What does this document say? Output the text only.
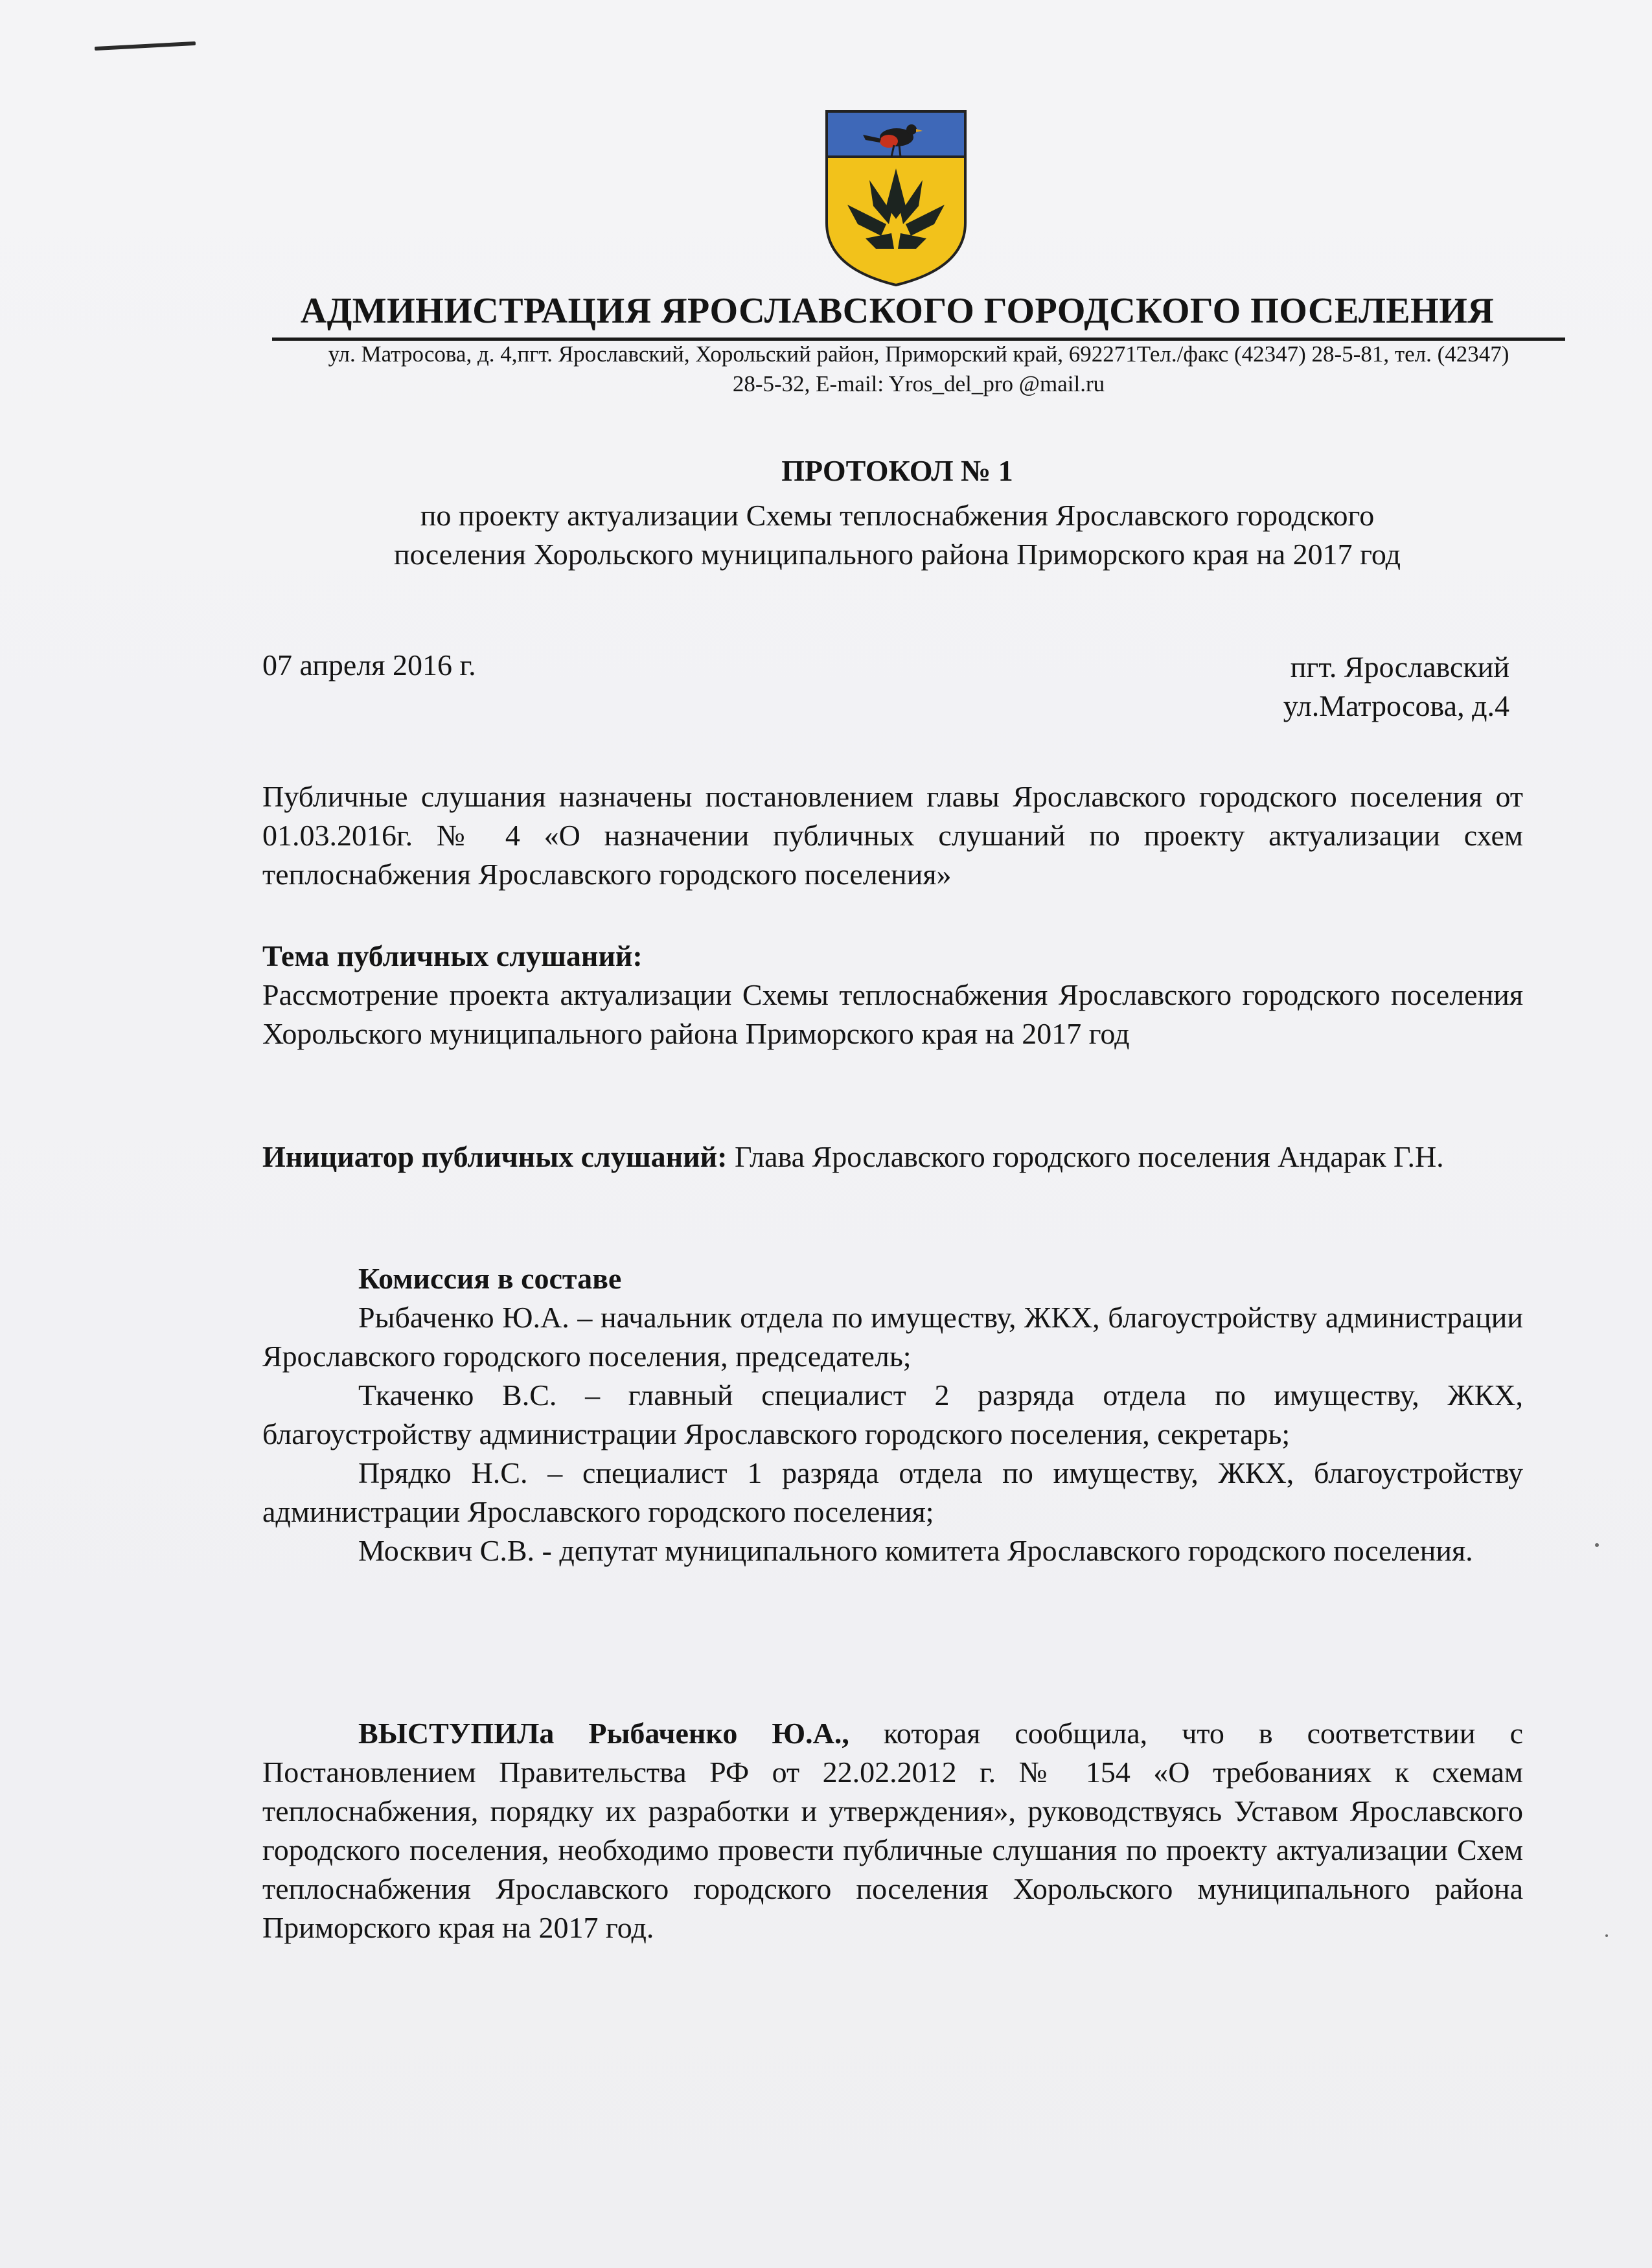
АДМИНИСТРАЦИЯ ЯРОСЛАВСКОГО ГОРОДСКОГО ПОСЕЛЕНИЯ
ул. Матросова, д. 4,пгт. Ярославский, Хорольский район, Приморский край, 692271Тел./факс (42347) 28-5-81, тел. (42347)
28-5-32, E-mail: Yros_del_pro @mail.ru
ПРОТОКОЛ № 1
по проекту актуализации Схемы теплоснабжения Ярославского городского
поселения Хорольского муниципального района Приморского края на 2017 год
07 апреля 2016 г.	пгт. Ярославский
ул.Матросова, д.4

Публичные слушания назначены постановлением главы Ярославского городского поселения от 01.03.2016г. № 4 «О назначении публичных слушаний по проекту актуализации схем теплоснабжения Ярославского городского поселения»

Тема публичных слушаний:

Рассмотрение проекта актуализации Схемы теплоснабжения Ярославского городского поселения Хорольского муниципального района Приморского края на 2017 год

Инициатор публичных слушаний: Глава Ярославского городского поселения Андарак Г.Н.

Комиссия в составе

Рыбаченко Ю.А. – начальник отдела по имуществу, ЖКХ, благоустройству администрации Ярославского городского поселения, председатель;

Ткаченко В.С. – главный специалист 2 разряда отдела по имуществу, ЖКХ, благоустройству администрации Ярославского городского поселения, секретарь;

Прядко Н.С. – специалист 1 разряда отдела по имуществу, ЖКХ, благоустройству администрации Ярославского городского поселения;

Москвич С.В. - депутат муниципального комитета Ярославского городского поселения.

ВЫСТУПИЛа Рыбаченко Ю.А., которая сообщила, что в соответствии с Постановлением Правительства РФ от 22.02.2012 г. № 154 «О требованиях к схемам теплоснабжения, порядку их разработки и утверждения», руководствуясь Уставом Ярославского городского поселения, необходимо провести публичные слушания по проекту актуализации Схем теплоснабжения Ярославского городского поселения Хорольского муниципального района Приморского края на 2017 год.
